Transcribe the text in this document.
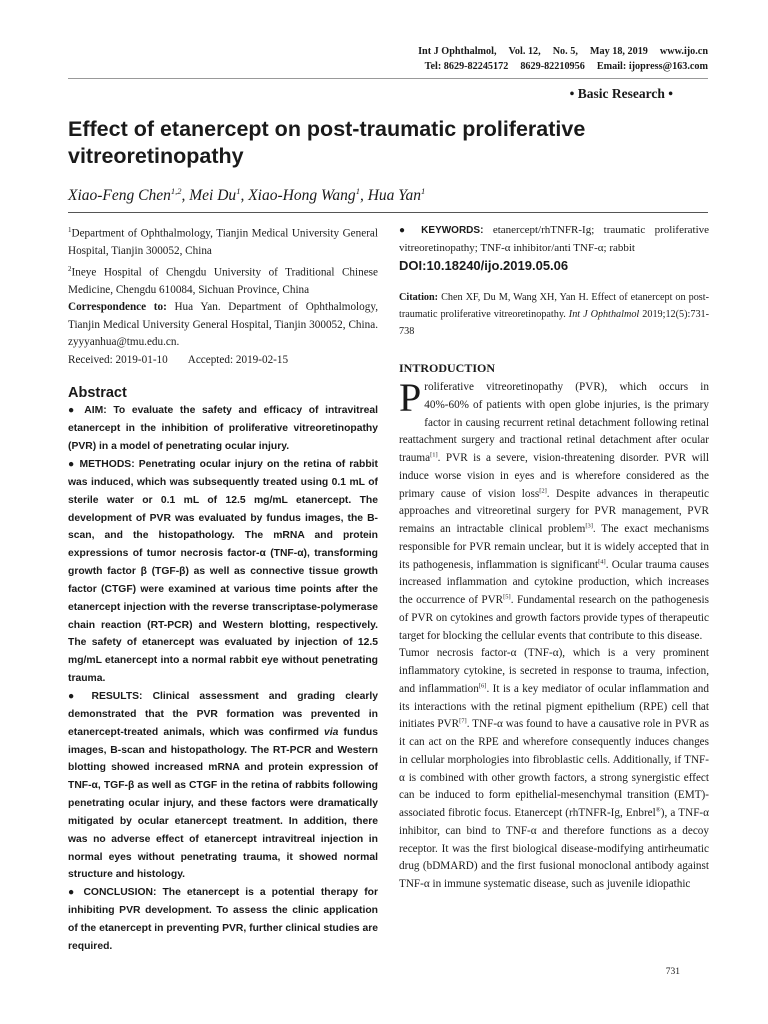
Int J Ophthalmol, Vol. 12, No. 5, May 18, 2019 www.ijo.cn
Tel: 8629-82245172 8629-82210956 Email: ijopress@163.com
• Basic Research •
Effect of etanercept on post-traumatic proliferative vitreoretinopathy
Xiao-Feng Chen$^{1,2}$, Mei Du$^1$, Xiao-Hong Wang$^1$, Hua Yan$^1$

$^1$Department of Ophthalmology, Tianjin Medical University General Hospital, Tianjin 300052, China

$^2$Ineye Hospital of Chengdu University of Traditional Chinese Medicine, Chengdu 610084, Sichuan Province, China

Correspondence to: Hua Yan. Department of Ophthalmology, Tianjin Medical University General Hospital, Tianjin 300052, China. zyyyanhua@tmu.edu.cn.

Received: 2019-01-10 Accepted: 2019-02-15
Abstract

● AIM: To evaluate the safety and efficacy of intravitreal etanercept in the inhibition of proliferative vitreoretinopathy (PVR) in a model of penetrating ocular injury.

● METHODS: Penetrating ocular injury on the retina of rabbit was induced, which was subsequently treated using 0.1 mL of sterile water or 0.1 mL of 12.5 mg/mL etanercept. The development of PVR was evaluated by fundus images, the B-scan, and the histopathology. The mRNA and protein expressions of tumor necrosis factor-α (TNF-α), transforming growth factor β (TGF-β) as well as connective tissue growth factor (CTGF) were examined at various time points after the etanercept injection with the reverse transcriptase-polymerase chain reaction (RT-PCR) and Western blotting, respectively. The safety of etanercept was evaluated by injection of 12.5 mg/mL etanercept into a normal rabbit eye without penetrating trauma.

● RESULTS: Clinical assessment and grading clearly demonstrated that the PVR formation was prevented in etanercept-treated animals, which was confirmed via fundus images, B-scan and histopathology. The RT-PCR and Western blotting showed increased mRNA and protein expression of TNF-α, TGF-β as well as CTGF in the retina of rabbits following penetrating ocular injury, and these factors were dramatically mitigated by ocular etanercept treatment. In addition, there was no adverse effect of etanercept intravitreal injection in normal eyes without penetrating trauma, it showed normal structure and histology.

● CONCLUSION: The etanercept is a potential therapy for inhibiting PVR development. To assess the clinic application of the etanercept in preventing PVR, further clinical studies are required.

● KEYWORDS: etanercept/rhTNFR-Ig; traumatic proliferative vitreoretinopathy; TNF-α inhibitor/anti TNF-α; rabbit

DOI:10.18240/ijo.2019.05.06

Citation: Chen XF, Du M, Wang XH, Yan H. Effect of etanercept on post-traumatic proliferative vitreoretinopathy. Int J Ophthalmol 2019;12(5):731-738
INTRODUCTION

Proliferative vitreoretinopathy (PVR), which occurs in 40%-60% of patients with open globe injuries, is the primary factor in causing recurrent retinal detachment following retinal reattachment surgery and tractional retinal detachment after ocular trauma[1]. PVR is a severe, vision-threatening disorder. PVR will induce worse vision in eyes and is wherefore considered as the primary cause of vision loss[2]. Despite advances in therapeutic approaches and vitreoretinal surgery for PVR management, PVR remains an intractable clinical problem[3]. The exact mechanisms responsible for PVR remain unclear, but it is widely accepted that in its pathogenesis, inflammation is significant[4]. Ocular trauma causes increased inflammation and cytokine production, which increases the occurrence of PVR[5]. Fundamental research on the pathogenesis of PVR on cytokines and growth factors provide types of therapeutic target for blocking the cellular events that contribute to this disease.

Tumor necrosis factor-α (TNF-α), which is a very prominent inflammatory cytokine, is secreted in response to trauma, infection, and inflammation[6]. It is a key mediator of ocular inflammation and its interactions with the retinal pigment epithelium (RPE) cell that initiates PVR[7]. TNF-α was found to have a causative role in PVR as it can act on the RPE and wherefore consequently induces changes in cellular morphologies into fibroblastic cells. Additionally, if TNF-α is combined with other growth factors, a strong synergistic effect can be induced to form epithelial-mesenchymal transition (EMT)-associated fibrotic focus. Etanercept (rhTNFR-Ig, Enbrel®), a TNF-α inhibitor, can bind to TNF-α and therefore functions as a decoy receptor. It was the first biological disease-modifying antirheumatic drug (bDMARD) and the first fusional monoclonal antibody against TNF-α in immune systematic disease, such as juvenile idiopathic

731
